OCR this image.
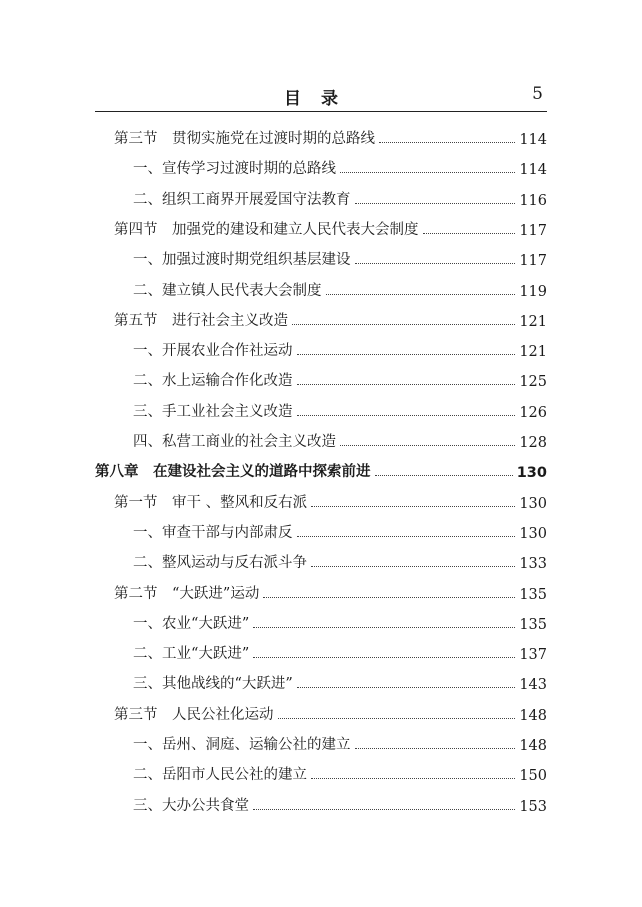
目录	5
第三节　贯彻实施党在过渡时期的总路线	114
一、宣传学习过渡时期的总路线	114
二、组织工商界开展爱国守法教育	116
第四节　加强党的建设和建立人民代表大会制度	117
一、加强过渡时期党组织基层建设	117
二、建立镇人民代表大会制度	119
第五节　进行社会主义改造	121
一、开展农业合作社运动	121
二、水上运输合作化改造	125
三、手工业社会主义改造	126
四、私营工商业的社会主义改造	128
第八章　在建设社会主义的道路中探索前进	130
第一节　审干 、整风和反右派	130
一、审查干部与内部肃反	130
二、整风运动与反右派斗争	133
第二节　“大跃进”运动	135
一、农业“大跃进”	135
二、工业“大跃进”	137
三、其他战线的“大跃进”	143
第三节　人民公社化运动	148
一、岳州、洞庭、运输公社的建立	148
二、岳阳市人民公社的建立	150
三、大办公共食堂	153
